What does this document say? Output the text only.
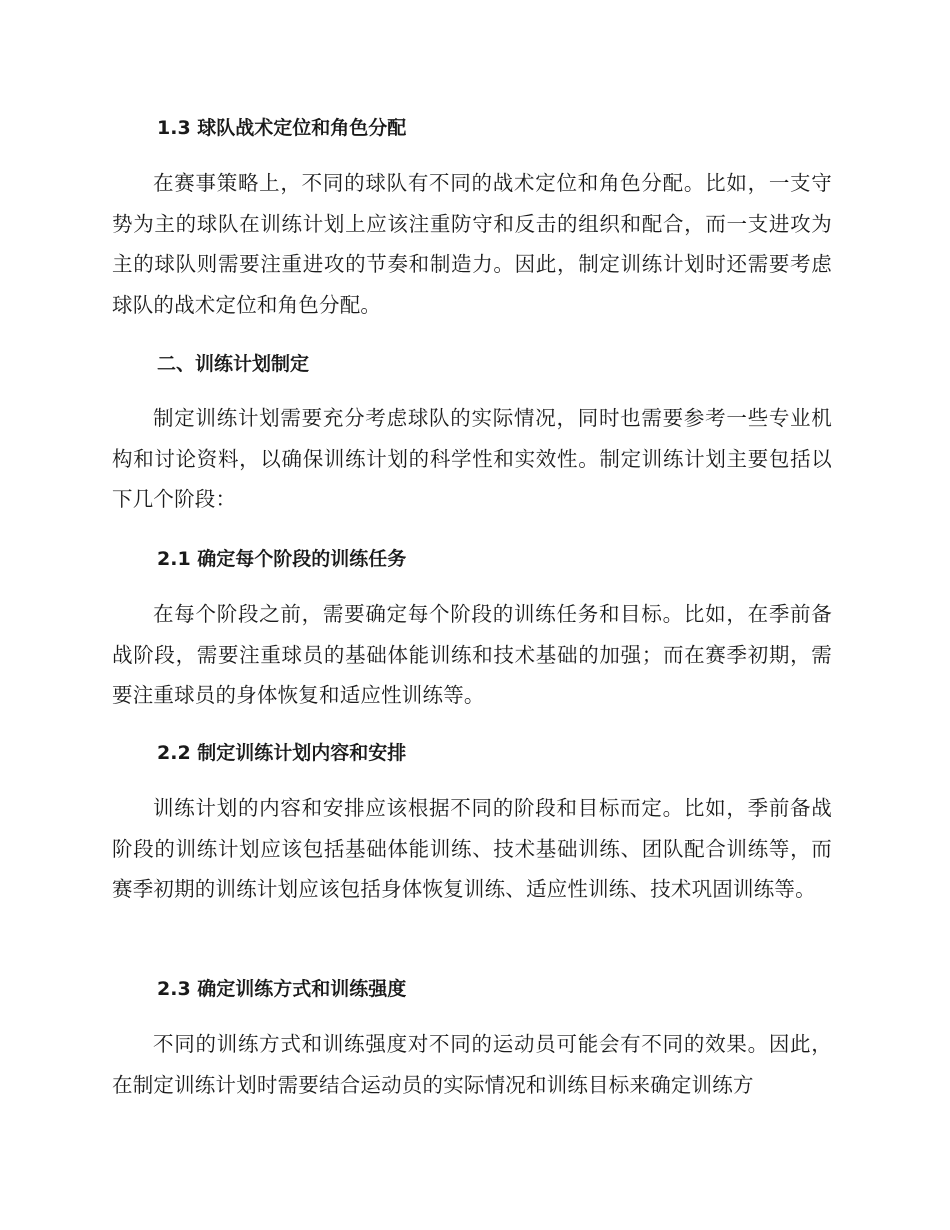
1.3 球队战术定位和角色分配
在赛事策略上，不同的球队有不同的战术定位和角色分配。比如，一支守势为主的球队在训练计划上应该注重防守和反击的组织和配合，而一支进攻为主的球队则需要注重进攻的节奏和制造力。因此，制定训练计划时还需要考虑球队的战术定位和角色分配。
二、训练计划制定
制定训练计划需要充分考虑球队的实际情况，同时也需要参考一些专业机构和讨论资料，以确保训练计划的科学性和实效性。制定训练计划主要包括以下几个阶段：
2.1 确定每个阶段的训练任务
在每个阶段之前，需要确定每个阶段的训练任务和目标。比如，在季前备战阶段，需要注重球员的基础体能训练和技术基础的加强；而在赛季初期，需要注重球员的身体恢复和适应性训练等。
2.2 制定训练计划内容和安排
训练计划的内容和安排应该根据不同的阶段和目标而定。比如，季前备战阶段的训练计划应该包括基础体能训练、技术基础训练、团队配合训练等，而赛季初期的训练计划应该包括身体恢复训练、适应性训练、技术巩固训练等。
2.3 确定训练方式和训练强度
不同的训练方式和训练强度对不同的运动员可能会有不同的效果。因此，在制定训练计划时需要结合运动员的实际情况和训练目标来确定训练方
